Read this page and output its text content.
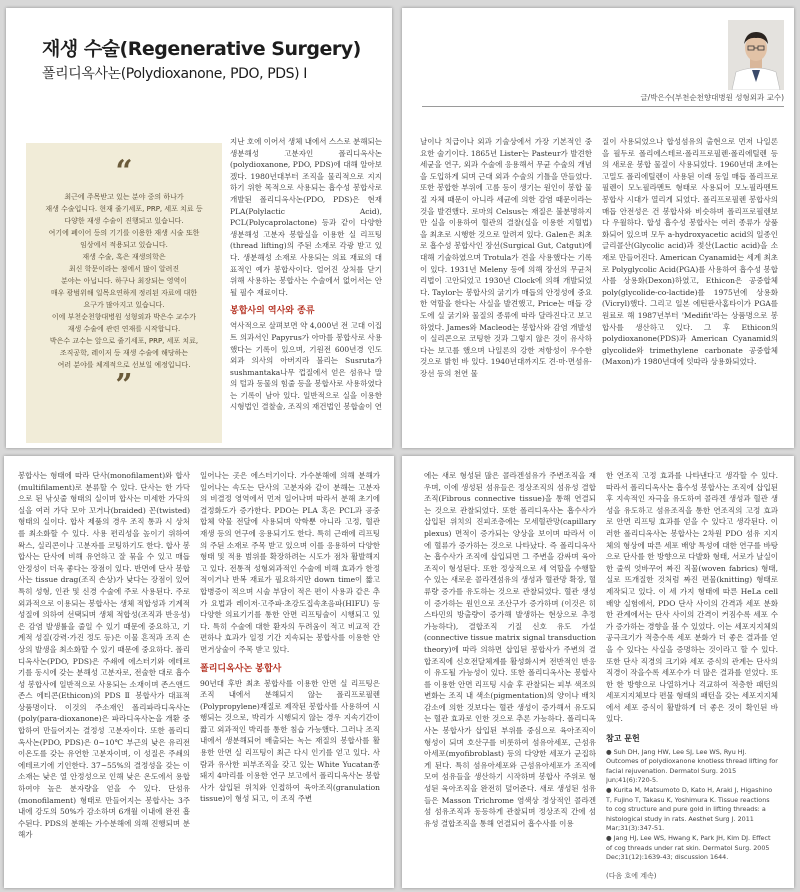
재생 수술(Regenerative Surgery)
폴리디옥사논(Polydioxanone, PDO, PDS) I
“
최근에 주목받고 있는 분야 중의 하나가
재생 수술입니다. 현재 줄기세포, PRP, 세포 치료 등
다양한 재생 수술이 진행되고 있습니다.
여기에 폐이어 등의 기기를 이용한 재생 시술 또한
임상에서 적용되고 있습니다.
재생 수술, 혹은 재생의학은
최신 학문이라는 점에서 많이 알려진
분야는 아닙니다. 하구나 최장되는 영역이
매우 광범위해 일목요연하게 정리된 자료에 대한
요구가 많아지고 있습니다.
이에 부천순천향대병원 성형외과 박은수 교수가
재생 수술에 관련 연재를 시작합니다.
박은수 교수는 앞으로 줄기세포, PRP, 세포 치료,
조직공학, 레이저 등 재생 수술에 해당하는
여러 분야를 체계적으로 선보일 예정입니다.
”

지난 호에 이어서 생체 내에서 스스로 분해되는 생분해성 고분자인 폴리디옥사논(polydioxanone, PDO, PDS)에 대해 알아보겠다. 1980년대부터 조직을 물리적으로 지지하기 위한 목적으로 사용되는 흡수성 봉합사로 개발된 폴리디옥사논(PDO, PDS)은 현재 PLA(Polylactic Acid), PCL(Polycaprolactone) 등과 같이 다양한 생분해성 고분자 봉합실을 이용한 실 리프팅(thread lifting)의 주된 소재로 각광 받고 있다. 생분해성 소재로 사용되는 의료 재료의 대표적인 예가 봉합사이다. 얼어진 상처를 닫기 위해 사용하는 봉합사는 수술에서 없어서는 안 될 필수 재료이다.

봉합사의 역사와 종류

역사적으로 살펴보면 약 4,000년 전 고대 이집트 의과서인 Papyrus가 아마를 봉합사로 사용했다는 기록이 있으며, 기원전 600년경 인도 외과 의사의 아버지라 불리는 Susruta가 sushmantaka나무 껍질에서 얻은 섬유나 말의 털과 동물의 힘줄 등을 봉합사로 사용하였다는 기록이 남아 있다. 일반적으로 실을 이용한 시형법인 결찰술, 조직의 재건법인 봉합술이 연

글/박은수(부천순천향대병원 성형외과 교수)

날이나 치급이나 외과 기술상에서 가장 기본적인 중요한 술기이다. 1865년 Lister는 Pasteur가 발견한 세균을 연구, 외과 수술에 응용해서 무균 수술의 개념을 도입하게 되며 근대 외과 수술의 기틀을 만들었다. 또한 봉합한 부위에 고름 등이 생기는 원인이 봉합 물질 자체 때문이 아니라 세균에 의한 감염 때문이라는 것을 발견했다. 로마의 Celsus는 재질은 불분명하지만 실을 이용하여 혈관의 결찰(실을 이용한 지혈법)을 최초로 시행한 것으로 알려져 있다. Galen은 최초로 흡수성 봉합사인 장선(Surgical Gut, Catgut)에 대해 기술하였으며 Trotula가 견을 사용했다는 기록이 있다. 1931년 Meleny 등에 의해 장선의 무균처리법이 고안되었고 1930년 Clock에 의해 개발되었다. Taylor는 봉합사의 굵기가 매듭의 안정성에 중요한 역할을 한다는 사실을 발견했고, Price는 매듭 강도에 실 굵기와 물질의 종류에 따라 달라진다고 보고하였다. James와 Macleod는 봉합사와 감염 개발성이 실리콘으로 코팅한 것과 그렇지 않은 것이 유사하다는 보고를 했으며 나일론의 강한 저항성이 우수한 것으로 밝힌 바 있다. 1940년대까지도 견·마·면섬유·장선 등의 천연 물

질이 사용되었으나 합성섬유의 출현으로 먼저 나일론을 필두로 폴리에스테르·폴리프로필렌·폴리에틸렌 등의 새로운 봉합 물질이 사용되었다. 1960년대 초에는 고밀도 폴리에틸렌이 사용된 이래 동일 매듭 폴리프로필렌이 모노필라멘트 형태로 사용되어 모노필라멘트 봉합사 시대가 열리게 되었다. 폴리프로필렌 봉합사의 매듭 안전성은 건 봉합사와 비슷하며 폴리프로필렌보다 우월하다. 합성 흡수성 봉합사는 여러 종류가 상품화되어 있으며 모두 a-hydroxyacetic acid의 일종인 글리콜산(Glycolic acid)과 젖산(Lactic acid)을 소재로 만들어진다. American Cyanamid는 세계 최초로 Polyglycolic Acid(PGA)를 사용하여 흡수성 봉합사를 상용화(Dexon)하였고, Ethicon은 공중합체 poly(glycolide-co-lactide)를 1975년에 상용화(Vicryl)했다. 그리고 일본 에틴판사홈타이가 PGA를 원료로 해 1987년부터 'Medifit'라는 상품명으로 봉합사를 생산하고 있다. 그 후 Ethicon의 polydioxanone(PDS)과 American Cyanamid의 glycolide와 trimethylene carbonate 공중합체(Maxon)가 1980년대에 잇따라 상용화되었다.

봉합사는 형태에 따라 단사(monofilament)와 합사(multifilament)로 분류할 수 있다. 단사는 한 가닥으로 된 낚싯줄 형태의 실이며 합사는 미세한 가닥의 실을 여러 가닥 모아 꼬거나(braided) 꼰(twisted) 형태의 실이다. 합사 제품의 경우 조직 통과 시 상처를 최소화할 수 있다. 사용 편리성을 높이기 위하여 왁스, 실리콘이나 고분자를 코팅하기도 한다. 합사 봉합사는 단사에 비해 유연하고 잘 묶을 수 있고 매듭 안정성이 더욱 좋다는 장점이 있다. 반면에 단사 봉합사는 tissue drag(조직 손상)가 낮다는 장점이 있어 특히 성형, 인관 및 신경 수술에 주로 사용된다. 주로 외과적으로 이용되는 봉합사는 생체 적합성과 기계적 성질에 의하여 선택되며 생체 적합성(조직과 반응성)은 감염 발생률을 줄일 수 있기 때문에 중요하고, 기계적 성질(강력·가진 정도 등)은 이물 흔적과 조직 손상의 발생을 최소화할 수 있기 때문에 중요하다. 폴리디옥사논(PDO, PDS)은 주쇄에 에스터기와 에테르기를 동시에 갖는 분해성 고분자로, 전술한 대로 흡수성 봉합사에 일반적으로 사용되는 소재이며 존스앤드존스 에티콘(Ethicon)의 PDS Ⅱ 봉합사가 대표적 상품명이다. 이것의 주소재인 폴리파라디옥사논(poly(para-dioxanone)은 파라디옥사논을 개환 중합하여 만들어지는 결정성 고분자이다. 또한 폴리디옥사논(PDO, PDS)은 0~10℃ 부근의 낮은 유리전이온도를 갖는 유연한 고분자이며, 이 성질은 주쇄의 에테르기에 기인한다. 37~55%의 결정성을 갖는 이 소재는 낮은 열 안정성으로 인해 낮은 온도에서 용합하여야 높은 분자량을 얻을 수 있다. 단섬유(monofilament) 형태로 만들어지는 봉합사는 3주 내에 강도의 50%가 감소하며 6개월 이내에 완전 흡수된다. PDS의 분해는 가수분해에 의해 진행되며 분해가

일어나는 곳은 에스터기이다. 가수분해에 의해 분해가 일어나는 속도는 단사의 고분자와 같이 분해는 고분자의 비결정 영역에서 먼저 일어나며 따라서 분해 초기에 결정화도가 증가한다. PDO는 PLA 혹은 PCL과 공중합체 약물 전달에 사용되며 약학뿐 아니라 고정, 혈관 재생 등의 연구에 응용되기도 한다. 특히 근래에 리프팅의 주된 소재로 주목 받고 있으며 이를 응용하여 다양한 형태 및 적용 범위를 확장하려는 시도가 점차 활발해지고 있다. 전통적 성형외과적인 수술에 비해 효과가 한정적이거나 반복 재료가 필요하지만 down time이 짧고 합병증이 적으며 시술 부담이 적은 편이 사용과 같은 추가 요법과 레이저·고주파·초강도집속초음파(HIFU) 등 다양한 의료기기를 통한 안면 리프팅술이 시행되고 있다. 특히 수술에 대한 환자의 두려움이 적고 비교적 간편하나 효과가 일정 기간 지속되는 봉합사를 이용한 안면거상술이 주목 받고 있다.

폴리디옥사논 봉합사

90년대 후반 최초 봉합사를 이용한 안면 실 리프팅은 조직 내에서 분해되지 않는 폴리프로필렌(Polypropylene)재질로 제작된 봉합사를 사용하여 시행되는 것으로, 박리가 시행되지 않는 경우 지속기간이 짧고 외과적인 박리를 통한 침습 가능했다. 그러나 조직 내에서 생분해되어 배출되는 녹는 재질의 봉합사를 활용한 안면 실 리프팅이 최근 다시 인기를 얻고 있다. 사람과 유사한 피부조직을 갖고 있는 White Yucatan종 돼지 4마리를 이용한 연구 보고에서 폴리디옥사논 봉합사가 삽입된 위치와 인접하여 육아조직(granulation tissue)이 형성 되고, 이 조직 주변

에는 새로 형성된 많은 콜라겐섬유가 주변조직을 재우며, 이에 생성된 섬유들은 정상조직의 섬유성 결합조직(Fibrous connective tissue)을 통해 연결되는 것으로 관찰되었다. 또한 폴리디옥사논 흡수사가 삽입된 위치의 진피조층에는 모세혈관망(capillary plexus) 면적이 증가되는 양상을 보이며 따라서 이에 혈류가 증가하는 것으로 나타났다. 즉 폴리디옥사논 흡수사가 조직에 삽입되면 그 주변을 감싸며 육아조직이 형성된다. 또한 정상적으로 세 역할을 수행할 수 있는 새로운 콜라겐섬유의 생성과 혈관망 확장, 혈류량 증가를 유도하는 것으로 관찰되었다. 혈관 생성이 증가하는 원인으로 조산구가 증가하며 (이것은 히스타민의 방출량이 증가해 발생하는 현상으로 추정 가능하다), 결합조직 기질 신호 유도 가설(connective tissue matrix signal transduction theory)에 따라 의하면 삽입된 봉합사가 주변의 결합조직에 신호전달체계를 활성화시켜 전반적인 반응이 유도될 가능성이 있다. 또한 폴리디옥사논 봉합사를 이용한 안면 리프팅 시술 후 관찰되는 피부 색조의 변화는 조직 내 색소(pigmentation)의 양이나 배치 감소에 의한 것보다는 혈관 생성이 증가해서 유도되는 혈관 효과로 인한 것으로 추론 가능하다. 폴리디옥사논 봉합사가 삽입된 부위를 중심으로 육아조직이 형성이 되며 호산구를 비롯하여 섬유아세포, 근섬유아세포(myofibroblast) 등의 다양한 세포가 군집하게 된다. 특히 섬유아세포와 근섬유아세포가 조직에 모여 섬유들을 생산하기 시작하며 봉합사 주위로 형성된 육아조직을 완전히 덮어준다. 새로 생성된 섬유들은 Masson Trichrome 염색상 정상적인 콜라겐섬 섬유조직과 동등하게 관찰되며 정상조직 간에 섬유성 결합조직을 통해 연결되어 흡수사를 이용

한 연조직 고정 효과를 나타낸다고 생각할 수 있다. 따라서 폴리디옥사논 흡수성 봉합사는 조직에 삽입된 후 지속적인 자극을 유도하여 콜라겐 생성과 혈관 생성을 유도하고 섬유조직을 통한 연조직의 고정 효과로 안면 리프팅 효과를 얻을 수 있다고 생각된다. 이러한 폴리디옥사논 봉합사는 2차원 PDO 섬유 지지체의 형상에 따른 세포 배양 특성에 대한 연구를 바탕으로 단사를 한 방향으로 다발화 형태, 서로가 날실이 한 줄씩 엇바꾸어 짜진 직물(woven fabrics) 형태, 실로 뜨개질한 것처럼 짜진 편물(knitting) 형태로 제작되고 있다. 이 세 가지 형태에 따른 HeLa cell 배양 실험에서, PDO 단사 사이의 간격과 세포 분화한 관계에서는 단사 사이의 간격이 커짐수록 세포 수가 증가하는 경향을 볼 수 있었다. 이는 세포지지체의 공극크기가 적층수록 세포 분화가 더 좋은 결과를 얻을 수 있다는 사실을 증명하는 것이라고 할 수 있다. 또한 단사 직경의 크기와 세포 증식의 관계는 단사의 직경이 작을수록 세포수가 더 많은 결과를 얻었다. 또한 한 방향으로 나열하거나 걱교하여 적층한 패턴의 세포지지체보다 편물 형태의 패턴을 갖는 세포지지체에서 세포 증식이 활발하게 더 좋은 것이 확인된 바 있다.

참고 문헌
● Suh DH, Jang HW, Lee SJ, Lee WS, Ryu HJ. Outcomes of polydioxanone knotless thread lifting for facial rejuvenation. Dermatol Surg. 2015 Jun;41(6):720-5.
● Kurita M, Matsumoto D, Kato H, Araki J, Higashino T, Fujino T, Takasu K, Yoshimura K. Tissue reactions to cog structure and pure gold in lifting threads: a histological study in rats. Aesthet Surg J. 2011 Mar;31(3):347-51.
● Jang HJ, Lee WS, Hwang K, Park JH, Kim DJ. Effect of cog threads under rat skin. Dermatol Surg. 2005 Dec;31(12):1639-43; discussion 1644.
(다음 호에 계속)
